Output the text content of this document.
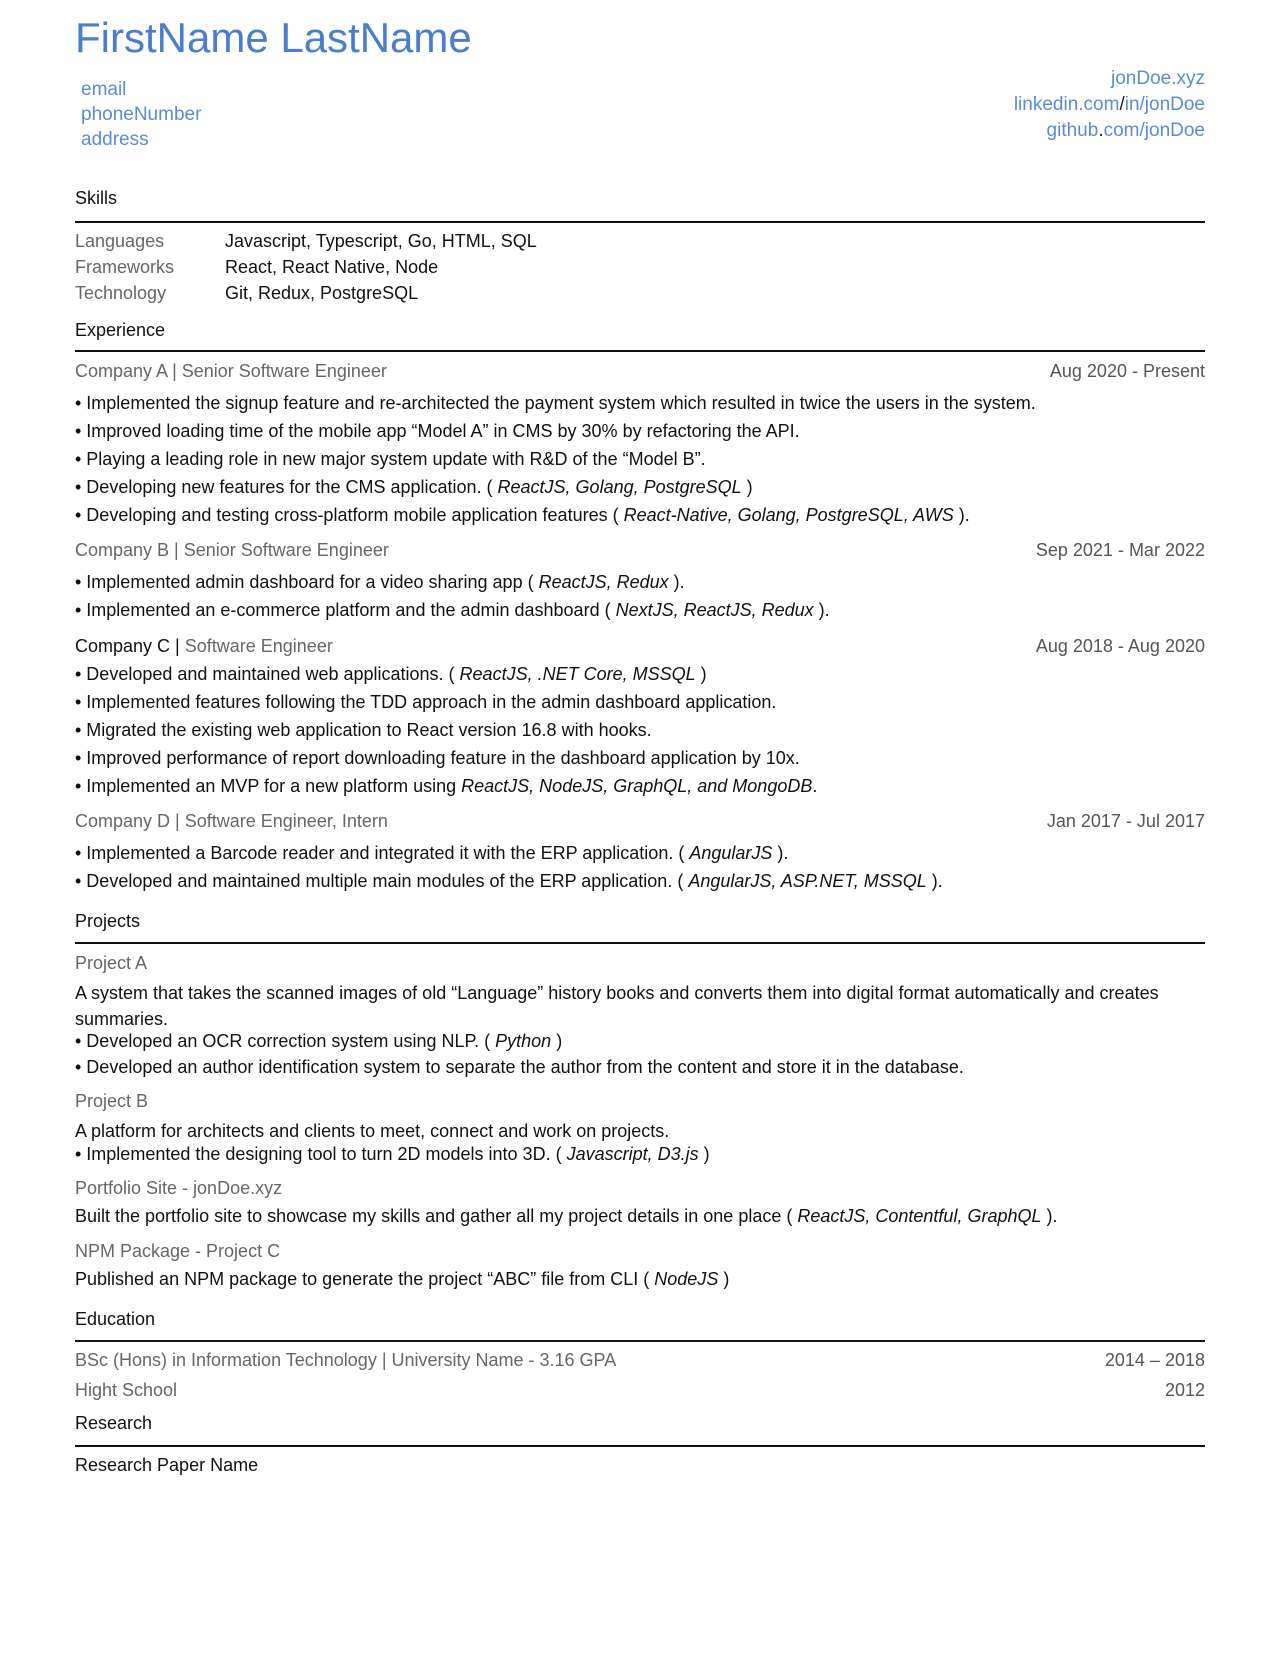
FirstName LastName
email
phoneNumber
address
jonDoe.xyz
linkedin.com/in/jonDoe
github.com/jonDoe
Skills
Languages	Javascript, Typescript, Go, HTML, SQL
Frameworks	React, React Native, Node
Technology	Git, Redux, PostgreSQL
Experience
Company A | Senior Software Engineer	Aug 2020 - Present
• Implemented the signup feature and re-architected the payment system which resulted in twice the users in the system.
• Improved loading time of the mobile app “Model A” in CMS by 30% by refactoring the API.
• Playing a leading role in new major system update with R&D of the “Model B”.
• Developing new features for the CMS application. ( ReactJS, Golang, PostgreSQL )
• Developing and testing cross-platform mobile application features ( React-Native, Golang, PostgreSQL, AWS ).
Company B | Senior Software Engineer	Sep 2021 - Mar 2022
• Implemented admin dashboard for a video sharing app ( ReactJS, Redux ).
• Implemented an e-commerce platform and the admin dashboard ( NextJS, ReactJS, Redux ).
Company C | Software Engineer	Aug 2018 - Aug 2020
• Developed and maintained web applications. ( ReactJS, .NET Core, MSSQL )
• Implemented features following the TDD approach in the admin dashboard application.
• Migrated the existing web application to React version 16.8 with hooks.
• Improved performance of report downloading feature in the dashboard application by 10x.
• Implemented an MVP for a new platform using ReactJS, NodeJS, GraphQL, and MongoDB.
Company D | Software Engineer, Intern	Jan 2017 - Jul 2017
• Implemented a Barcode reader and integrated it with the ERP application. ( AngularJS ).
• Developed and maintained multiple main modules of the ERP application. ( AngularJS, ASP.NET, MSSQL ).
Projects
Project A
A system that takes the scanned images of old “Language” history books and converts them into digital format automatically and creates summaries.
• Developed an OCR correction system using NLP. ( Python )
• Developed an author identification system to separate the author from the content and store it in the database.
Project B
A platform for architects and clients to meet, connect and work on projects.
• Implemented the designing tool to turn 2D models into 3D. ( Javascript, D3.js )
Portfolio Site - jonDoe.xyz
Built the portfolio site to showcase my skills and gather all my project details in one place ( ReactJS, Contentful, GraphQL ).
NPM Package - Project C
Published an NPM package to generate the project “ABC” file from CLI ( NodeJS )
Education
BSc (Hons) in Information Technology | University Name - 3.16 GPA	2014 – 2018
Hight School	2012
Research
Research Paper Name
